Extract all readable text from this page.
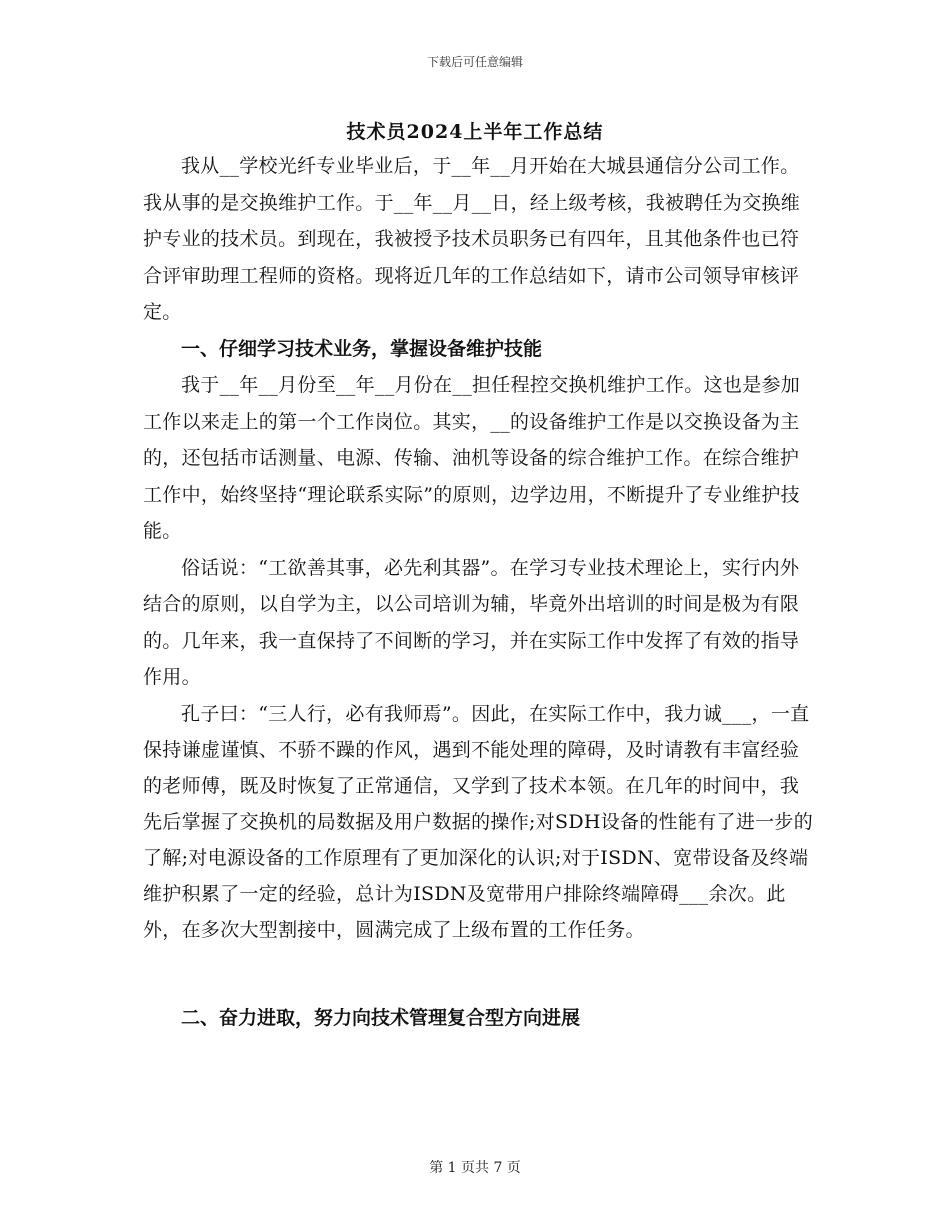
下载后可任意编辑
技术员2024上半年工作总结

我从__学校光纤专业毕业后，于__年__月开始在大城县通信分公司工作。我从事的是交换维护工作。于__年__月__日，经上级考核，我被聘任为交换维护专业的技术员。到现在，我被授予技术员职务已有四年，且其他条件也已符合评审助理工程师的资格。现将近几年的工作总结如下，请市公司领导审核评定。

一、仔细学习技术业务，掌握设备维护技能

我于__年__月份至__年__月份在__担任程控交换机维护工作。这也是参加工作以来走上的第一个工作岗位。其实，__的设备维护工作是以交换设备为主的，还包括市话测量、电源、传输、油机等设备的综合维护工作。在综合维护工作中，始终坚持“理论联系实际”的原则，边学边用，不断提升了专业维护技能。

俗话说：“工欲善其事，必先利其器”。在学习专业技术理论上，实行内外结合的原则，以自学为主，以公司培训为辅，毕竟外出培训的时间是极为有限的。几年来，我一直保持了不间断的学习，并在实际工作中发挥了有效的指导作用。

孔子曰：“三人行，必有我师焉”。因此，在实际工作中，我力诚___，一直保持谦虚谨慎、不骄不躁的作风，遇到不能处理的障碍，及时请教有丰富经验的老师傅，既及时恢复了正常通信，又学到了技术本领。在几年的时间中，我先后掌握了交换机的局数据及用户数据的操作;对SDH设备的性能有了进一步的了解;对电源设备的工作原理有了更加深化的认识;对于ISDN、宽带设备及终端维护积累了一定的经验，总计为ISDN及宽带用户排除终端障碍___余次。此外，在多次大型割接中，圆满完成了上级布置的工作任务。

二、奋力进取，努力向技术管理复合型方向进展
第 1 页共 7 页
